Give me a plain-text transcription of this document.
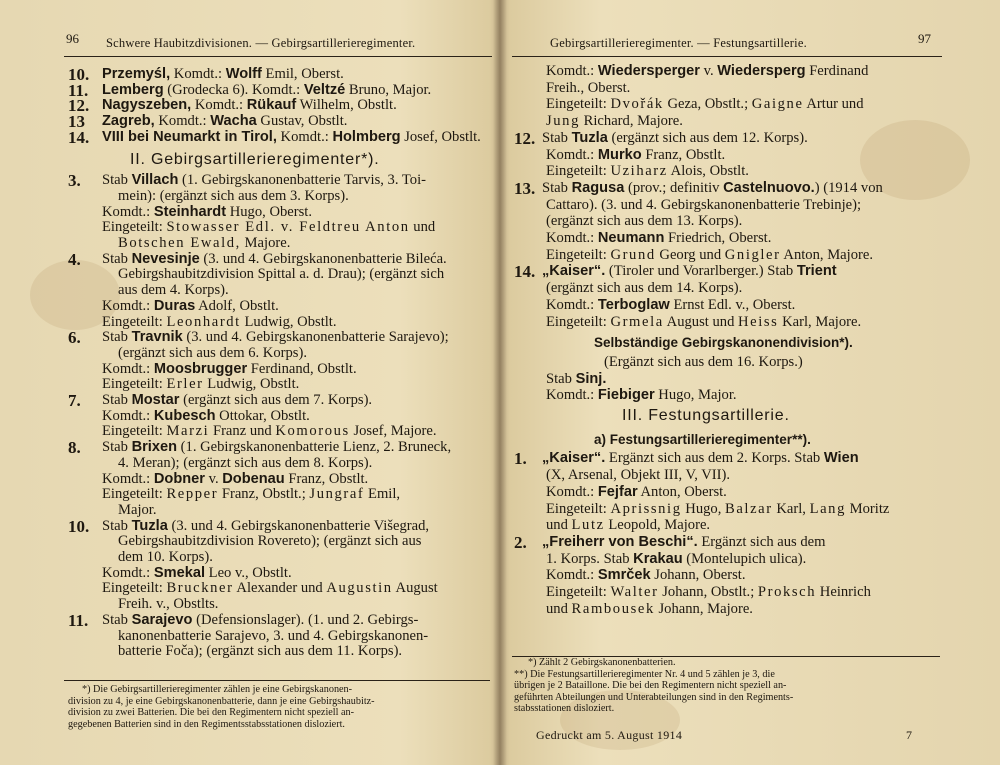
96 Schwere Haubitzdivisionen. — Gebirgsartillerieregimenter.
10. Przemyśl, Komdt.: Wolff Emil, Oberst.
11. Lemberg (Grodecka 6). Komdt.: Veltzé Bruno, Major.
12. Nagyszeben, Komdt.: Rükauf Wilhelm, Obstlt.
13 Zagreb, Komdt.: Wacha Gustav, Obstlt.
14. VIII bei Neumarkt in Tirol, Komdt.: Holmberg Josef, Obstlt.
II. Gebirgsartillerieregimenter*).
3. Stab Villach (1. Gebirgskanonenbatterie Tarvis, 3. Toi-
mein): (ergänzt sich aus dem 3. Korps).
Komdt.: Steinhardt Hugo, Oberst.
Eingeteilt: Stowasser Edl. v. Feldtreu Anton und
Botschen Ewald, Majore.
4. Stab Nevesinje (3. und 4. Gebirgskanonenbatterie Bileća.
Gebirgshaubitzdivision Spittal a. d. Drau); (ergänzt sich
aus dem 4. Korps).
Komdt.: Duras Adolf, Obstlt.
Eingeteilt: Leonhardt Ludwig, Obstlt.
6. Stab Travnik (3. und 4. Gebirgskanonenbatterie Sarajevo);
(ergänzt sich aus dem 6. Korps).
Komdt.: Moosbrugger Ferdinand, Obstlt.
Eingeteilt: Erler Ludwig, Obstlt.
7. Stab Mostar (ergänzt sich aus dem 7. Korps).
Komdt.: Kubesch Ottokar, Obstlt.
Eingeteilt: Marzi Franz und Komorous Josef, Majore.
8. Stab Brixen (1. Gebirgskanonenbatterie Lienz, 2. Bruneck,
4. Meran); (ergänzt sich aus dem 8. Korps).
Komdt.: Dobner v. Dobenau Franz, Obstlt.
Eingeteilt: Repper Franz, Obstlt.; Jungraf Emil,
Major.
10. Stab Tuzla (3. und 4. Gebirgskanonenbatterie Višegrad,
Gebirgshaubitzdivision Rovereto); (ergänzt sich aus
dem 10. Korps).
Komdt.: Smekal Leo v., Obstlt.
Eingeteilt: Bruckner Alexander und Augustin August
Freih. v., Obstlts.
11. Stab Sarajevo (Defensionslager). (1. und 2. Gebirgs-
kanonenbatterie Sarajevo, 3. und 4. Gebirgskanonen-
batterie Foča); (ergänzt sich aus dem 11. Korps).
*) Die Gebirgsartillerieregimenter zählen je eine Gebirgskanonen-
division zu 4, je eine Gebirgskanonenbatterie, dann je eine Gebirgshaubitz-
division zu zwei Batterien. Die bei den Regimentern nicht speziell an-
gegebenen Batterien sind in den Regimentsstabsstationen disloziert.
Gebirgsartillerieregimenter. — Festungsartillerie.	97
Komdt.: Wiedersperger v. Wiedersperg Ferdinand
Freih., Oberst.
Eingeteilt: Dvořák Geza, Obstlt.; Gaigne Artur und
Jung Richard, Majore.
12. Stab Tuzla (ergänzt sich aus dem 12. Korps).
Komdt.: Murko Franz, Obstlt.
Eingeteilt: Uziharz Alois, Obstlt.
13. Stab Ragusa (prov.; definitiv Castelnuovo.) (1914 von
Cattaro). (3. und 4. Gebirgskanonenbatterie Trebinje);
(ergänzt sich aus dem 13. Korps).
Komdt.: Neumann Friedrich, Oberst.
Eingeteilt: Grund Georg und Gnigler Anton, Majore.
14. „Kaiser“. (Tiroler und Vorarlberger.) Stab Trient
(ergänzt sich aus dem 14. Korps).
Komdt.: Terboglaw Ernst Edl. v., Oberst.
Eingeteilt: Grmela August und Heiss Karl, Majore.
Selbständige Gebirgskanonendivision*).
(Ergänzt sich aus dem 16. Korps.)
Stab Sinj.
Komdt.: Fiebiger Hugo, Major.
III. Festungsartillerie.
a) Festungsartillerieregimenter**).
1. „Kaiser“. Ergänzt sich aus dem 2. Korps. Stab Wien
(X, Arsenal, Objekt III, V, VII).
Komdt.: Fejfar Anton, Oberst.
Eingeteilt: Aprissnig Hugo, Balzar Karl, Lang Moritz
und Lutz Leopold, Majore.
2. „Freiherr von Beschi“. Ergänzt sich aus dem
1. Korps. Stab Krakau (Montelupich ulica).
Komdt.: Smrček Johann, Oberst.
Eingeteilt: Walter Johann, Obstlt.; Proksch Heinrich
und Rambousek Johann, Majore.
*) Zählt 2 Gebirgskanonenbatterien.
**) Die Festungsartillerieregimenter Nr. 4 und 5 zählen je 3, die
übrigen je 2 Bataillone. Die bei den Regimentern nicht speziell an-
geführten Abteilungen und Unterabteilungen sind in den Regiments-
stabsstationen disloziert.
Gedruckt am 5. August 1914	7
